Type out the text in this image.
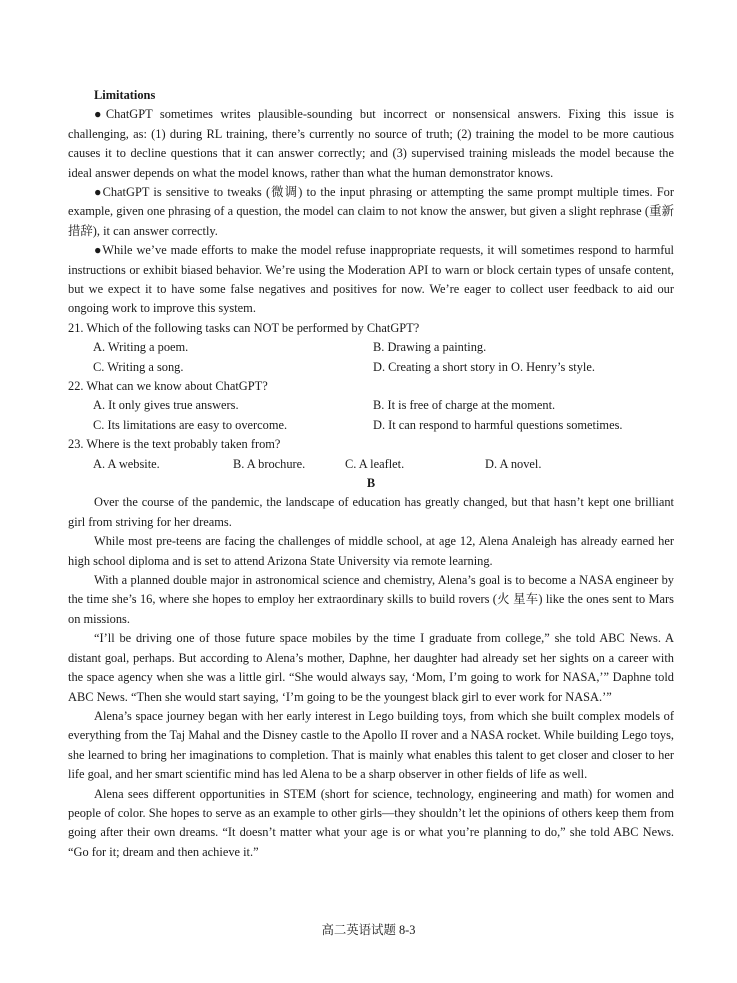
Limitations
●ChatGPT sometimes writes plausible-sounding but incorrect or nonsensical answers. Fixing this issue is challenging, as: (1) during RL training, there’s currently no source of truth; (2) training the model to be more cautious causes it to decline questions that it can answer correctly; and (3) supervised training misleads the model because the ideal answer depends on what the model knows, rather than what the human demonstrator knows.
●ChatGPT is sensitive to tweaks (微调) to the input phrasing or attempting the same prompt multiple times. For example, given one phrasing of a question, the model can claim to not know the answer, but given a slight rephrase (重新措辞), it can answer correctly.
●While we’ve made efforts to make the model refuse inappropriate requests, it will sometimes respond to harmful instructions or exhibit biased behavior. We’re using the Moderation API to warn or block certain types of unsafe content, but we expect it to have some false negatives and positives for now. We’re eager to collect user feedback to aid our ongoing work to improve this system.
21. Which of the following tasks can NOT be performed by ChatGPT?
A. Writing a poem.	B. Drawing a painting.
C. Writing a song.	D. Creating a short story in O. Henry’s style.
22. What can we know about ChatGPT?
A. It only gives true answers.	B. It is free of charge at the moment.
C. Its limitations are easy to overcome.	D. It can respond to harmful questions sometimes.
23. Where is the text probably taken from?
A. A website.	B. A brochure.	C. A leaflet.	D. A novel.
B
Over the course of the pandemic, the landscape of education has greatly changed, but that hasn’t kept one brilliant girl from striving for her dreams.
While most pre-teens are facing the challenges of middle school, at age 12, Alena Analeigh has already earned her high school diploma and is set to attend Arizona State University via remote learning.
With a planned double major in astronomical science and chemistry, Alena’s goal is to become a NASA engineer by the time she’s 16, where she hopes to employ her extraordinary skills to build rovers (火 星车) like the ones sent to Mars on missions.
“I’ll be driving one of those future space mobiles by the time I graduate from college,” she told ABC News. A distant goal, perhaps. But according to Alena’s mother, Daphne, her daughter had already set her sights on a career with the space agency when she was a little girl. “She would always say, ‘Mom, I’m going to work for NASA,’” Daphne told ABC News. “Then she would start saying, ‘I’m going to be the youngest black girl to ever work for NASA.’”
Alena’s space journey began with her early interest in Lego building toys, from which she built complex models of everything from the Taj Mahal and the Disney castle to the Apollo II rover and a NASA rocket. While building Lego toys, she learned to bring her imaginations to completion. That is mainly what enables this talent to get closer and closer to her life goal, and her smart scientific mind has led Alena to be a sharp observer in other fields of life as well.
Alena sees different opportunities in STEM (short for science, technology, engineering and math) for women and people of color. She hopes to serve as an example to other girls—they shouldn’t let the opinions of others keep them from going after their own dreams. “It doesn’t matter what your age is or what you’re planning to do,” she told ABC News. “Go for it; dream and then achieve it.”
高二英语试题 8-3
